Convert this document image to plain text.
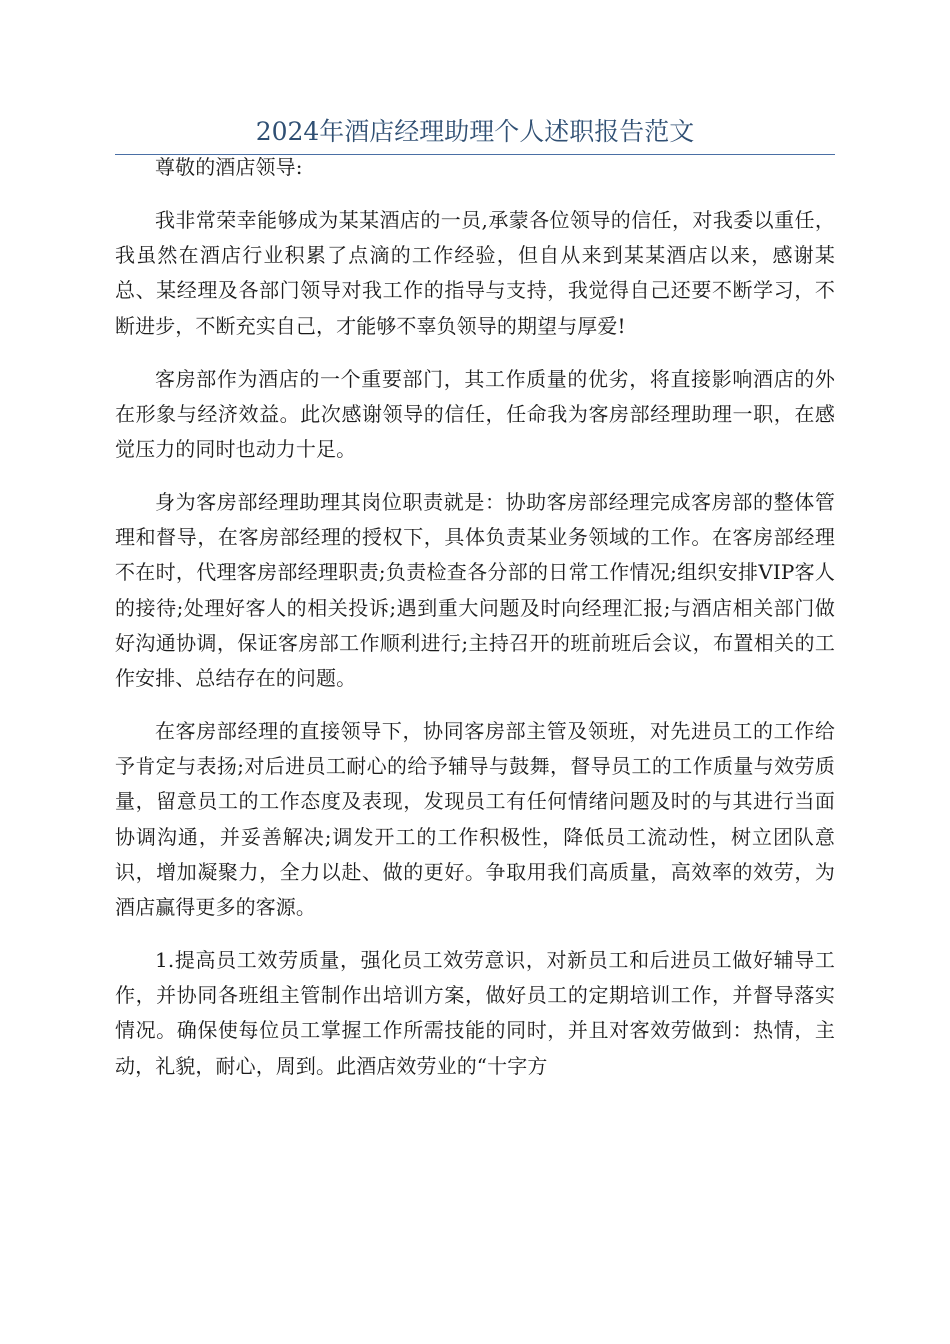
2024年酒店经理助理个人述职报告范文

尊敬的酒店领导:

我非常荣幸能够成为某某酒店的一员,承蒙各位领导的信任，对我委以重任，我虽然在酒店行业积累了点滴的工作经验，但自从来到某某酒店以来，感谢某总、某经理及各部门领导对我工作的指导与支持，我觉得自己还要不断学习，不断进步，不断充实自己，才能够不辜负领导的期望与厚爱!

客房部作为酒店的一个重要部门，其工作质量的优劣，将直接影响酒店的外在形象与经济效益。此次感谢领导的信任，任命我为客房部经理助理一职，在感觉压力的同时也动力十足。

身为客房部经理助理其岗位职责就是：协助客房部经理完成客房部的整体管理和督导，在客房部经理的授权下，具体负责某业务领域的工作。在客房部经理不在时，代理客房部经理职责;负责检查各分部的日常工作情况;组织安排VIP客人的接待;处理好客人的相关投诉;遇到重大问题及时向经理汇报;与酒店相关部门做好沟通协调，保证客房部工作顺利进行;主持召开的班前班后会议，布置相关的工作安排、总结存在的问题。

在客房部经理的直接领导下，协同客房部主管及领班，对先进员工的工作给予肯定与表扬;对后进员工耐心的给予辅导与鼓舞，督导员工的工作质量与效劳质量，留意员工的工作态度及表现，发现员工有任何情绪问题及时的与其进行当面协调沟通，并妥善解决;调发开工的工作积极性，降低员工流动性，树立团队意识，增加凝聚力，全力以赴、做的更好。争取用我们高质量，高效率的效劳，为酒店赢得更多的客源。

1.提高员工效劳质量，强化员工效劳意识，对新员工和后进员工做好辅导工作，并协同各班组主管制作出培训方案，做好员工的定期培训工作，并督导落实情况。确保使每位员工掌握工作所需技能的同时，并且对客效劳做到：热情，主动，礼貌，耐心，周到。此酒店效劳业的“十字方
